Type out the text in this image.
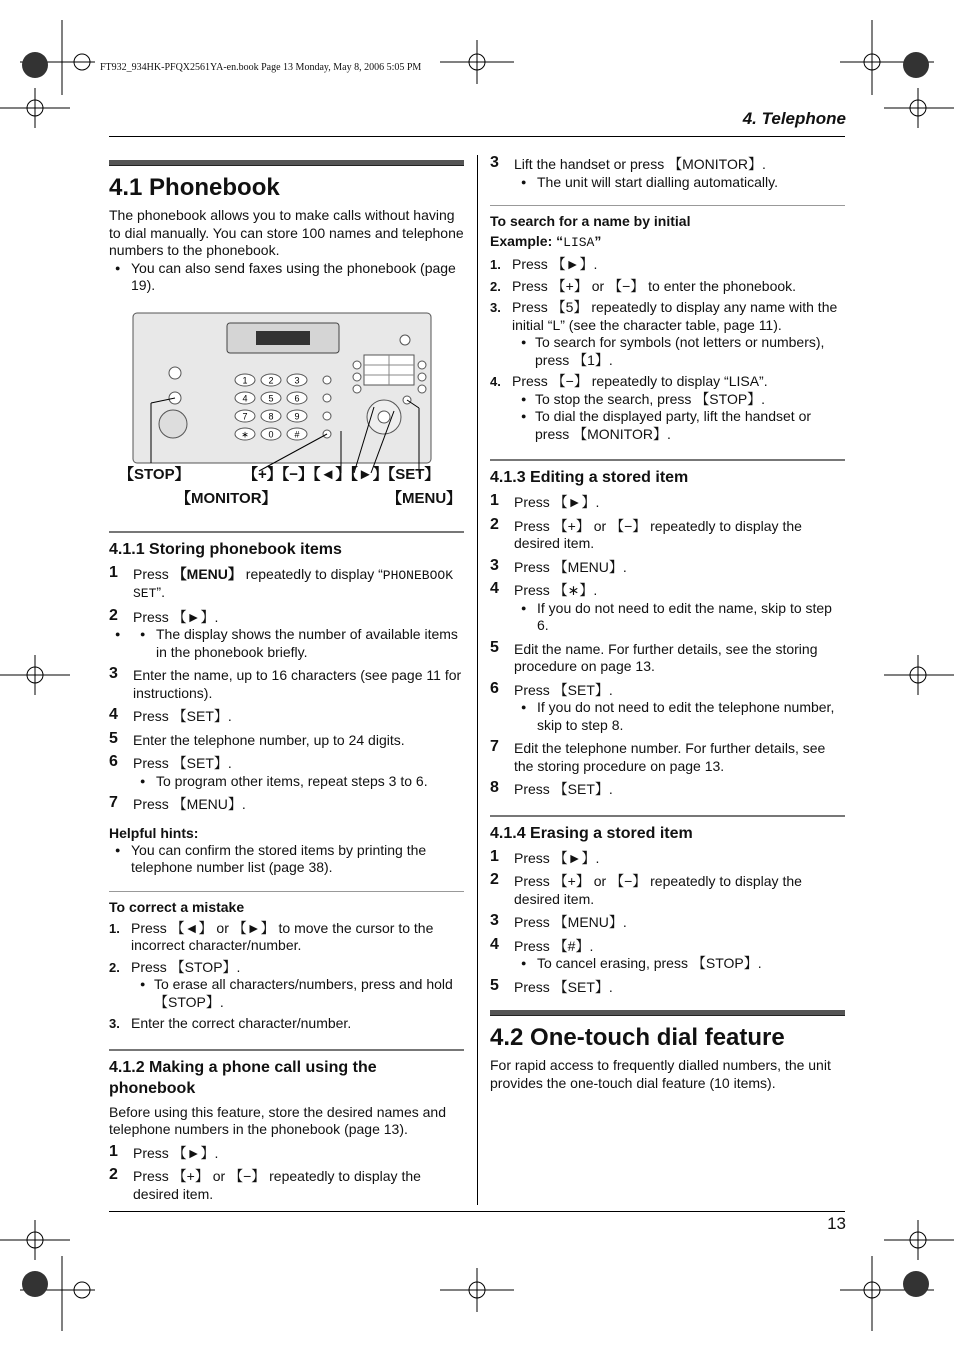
FT932_934HK-PFQX2561YA-en.book Page 13 Monday, May 8, 2006 5:05 PM
4. Telephone
13
4.1 Phonebook

The phonebook allows you to make calls without having to dial manually. You can store 100 names and telephone numbers to the phonebook.

● You can also send faxes using the phonebook (page 19).
1 2 3
4 5 6
7 8 9
∗ 0 #
【STOP】	【+】【−】【◄】【►】【SET】
【MONITOR】	【MENU】
4.1.1 Storing phonebook items
1 Press 【MENU】 repeatedly to display “PHONEBOOK SET”.
2 Press 【►】.
● ● The display shows the number of available items in the phonebook briefly.
3 Enter the name, up to 16 characters (see page 11 for instructions).
4 Press 【SET】.
5 Enter the telephone number, up to 24 digits.
6 Press 【SET】.
● To program other items, repeat steps 3 to 6.
7 Press 【MENU】.
Helpful hints:
● You can confirm the stored items by printing the telephone number list (page 38).
To correct a mistake
1. Press 【◄】 or 【►】 to move the cursor to the incorrect character/number.
2. Press 【STOP】.
● To erase all characters/numbers, press and hold 【STOP】.
3. Enter the correct character/number.
4.1.2 Making a phone call using the phonebook

Before using this feature, store the desired names and telephone numbers in the phonebook (page 13).

1 Press 【►】.
2 Press 【+】 or 【−】 repeatedly to display the desired item.
3 Lift the handset or press 【MONITOR】.
● The unit will start dialling automatically.
To search for a name by initial
Example: “LISA”
1. Press 【►】.
2. Press 【+】 or 【−】 to enter the phonebook.
3. Press 【5】 repeatedly to display any name with the initial “L” (see the character table, page 11).
● To search for symbols (not letters or numbers), press 【1】.
4. Press 【−】 repeatedly to display “LISA”.
● To stop the search, press 【STOP】.
● To dial the displayed party, lift the handset or press 【MONITOR】.
4.1.3 Editing a stored item
1 Press 【►】.
2 Press 【+】 or 【−】 repeatedly to display the desired item.
3 Press 【MENU】.
4 Press 【∗】.
● If you do not need to edit the name, skip to step 6.
5 Edit the name. For further details, see the storing procedure on page 13.
6 Press 【SET】.
● If you do not need to edit the telephone number, skip to step 8.
7 Edit the telephone number. For further details, see the storing procedure on page 13.
8 Press 【SET】.
4.1.4 Erasing a stored item
1 Press 【►】.
2 Press 【+】 or 【−】 repeatedly to display the desired item.
3 Press 【MENU】.
4 Press 【#】.
● To cancel erasing, press 【STOP】.
5 Press 【SET】.
4.2 One-touch dial feature

For rapid access to frequently dialled numbers, the unit provides the one-touch dial feature (10 items).
